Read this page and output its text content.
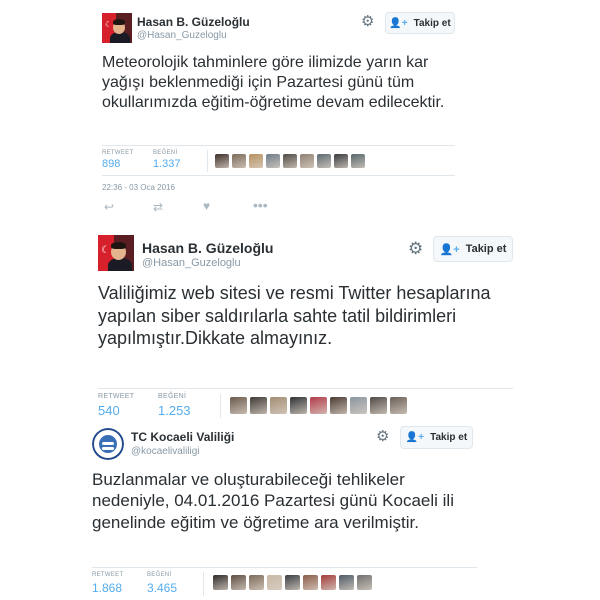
☾ Hasan B. Güzeloğlu
@Hasan_Guzeloglu
⚙ 👤+ Takip et

Meteorolojik tahminlere göre ilimizde yarın kar yağışı beklenmediği için Pazartesi günü tüm okullarımızda eğitim-öğretime devam edilecektir.

RETWEET
898
BEĞENİ
1.337
22:36 - 03 Oca 2016
↩	⇄	♥	•••
☾ Hasan B. Güzeloğlu
@Hasan_Guzeloglu
⚙ 👤+ Takip et

Valiliğimiz web sitesi ve resmi Twitter hesaplarına yapılan siber saldırılarla sahte tatil bildirimleri yapılmıştır.Dikkate almayınız.

RETWEET
540
BEĞENİ
1.253
TC Kocaeli Valiliği
@kocaelivaliligi
⚙ 👤+ Takip et

Buzlanmalar ve oluşturabileceği tehlikeler nedeniyle, 04.01.2016 Pazartesi günü Kocaeli ili genelinde eğitim ve öğretime ara verilmiştir.

RETWEET
1.868
BEĞENİ
3.465
